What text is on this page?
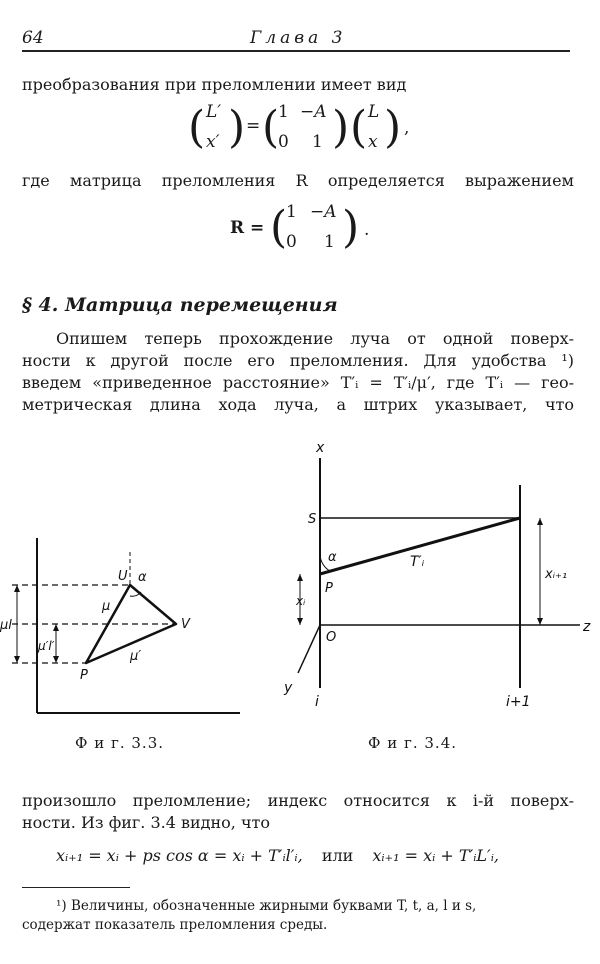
64	Глава 3
преобразования при преломлении имеет вид
( L′
x′ ) = (
1 −A
0 1 ) ( L
x ) ,
где матрица преломления R определяется выражением
R = (
1 −A
0 1 ) .
§ 4. Матрица перемещения
Опишем теперь прохождение луча от одной поверх-
ности к другой после его преломления. Для удобства ¹)
введем «приведенное расстояние» T′ᵢ = T′ᵢ/μ′, где T′ᵢ — гео-
метрическая длина хода луча, а штрих указывает, что
U α
V
P
μ
μ′
μl
μ′l′
Ф и г. 3.3.
x
S
α
P
T′ᵢ
xᵢ
xᵢ₊₁
O
z
y
i	i+1
Ф и г. 3.4.
произошло преломление; индекс относится к i-й поверх-
ности. Из фиг. 3.4 видно, что
xᵢ₊₁ = xᵢ + ps cos α = xᵢ + T′ᵢl′ᵢ, или xᵢ₊₁ = xᵢ + T′ᵢL′ᵢ,
¹) Величины, обозначенные жирными буквами T, t, a, l и s,
содержат показатель преломления среды.
